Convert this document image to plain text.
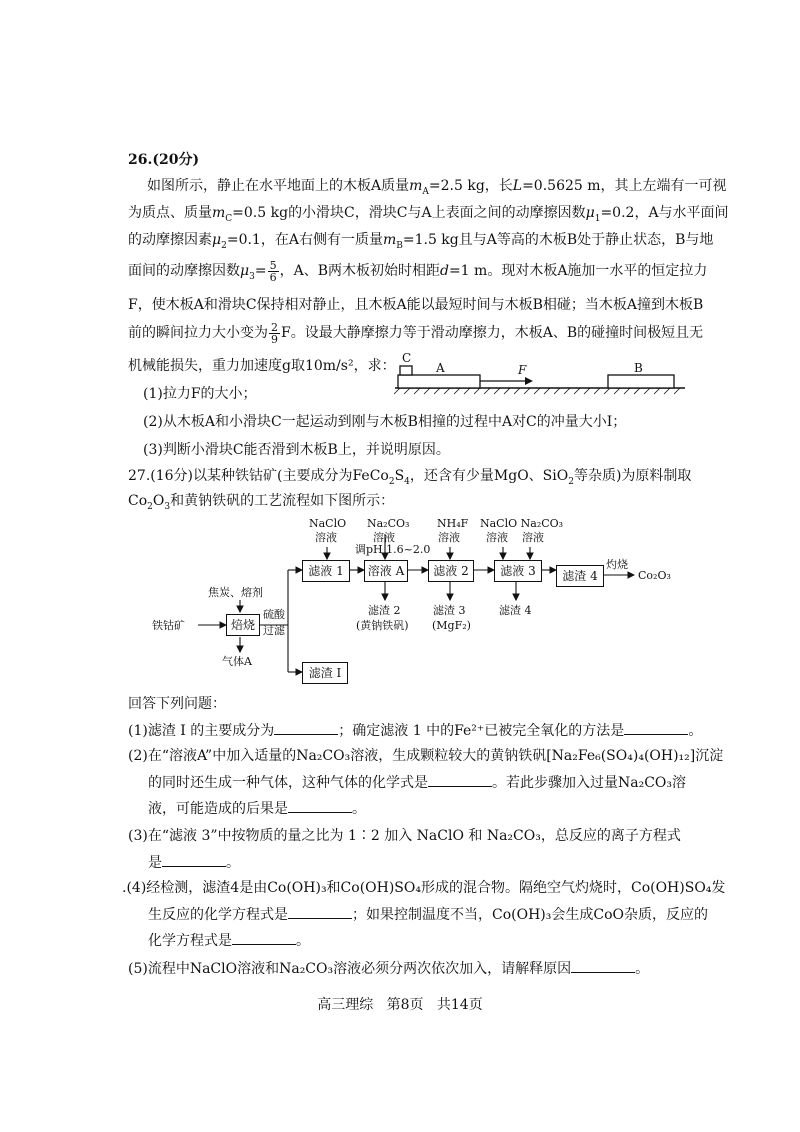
26.(20分)
如图所示，静止在水平地面上的木板A质量$m_A=2.5$ kg，长L=0.5625 m，其上左端有一可视
为质点、质量$m_C=0.5$ kg的小滑块C，滑块C与A上表面之间的动摩擦因数$\mu_1=0.2$，A与水平面间
的动摩擦因素$\mu_2=0.1$，在A右侧有一质量$m_B=1.5$ kg且与A等高的木板B处于静止状态，B与地
面间的动摩擦因数$\mu_3= \frac{5}{6}$ ，A、B两木板初始时相距d=1 m。现对木板A施加一水平的恒定拉力
F，使木板A和滑块C保持相对静止，且木板A能以最短时间与木板B相碰；当木板A撞到木板B
前的瞬间拉力大小变为 $\frac{2}{9}$ F。设最大静摩擦力等于滑动摩擦力，木板A、B的碰撞时间极短且无
机械能损失，重力加速度g取10m/s²，求： C
A	F	B
(1)拉力F的大小；
(2)从木板A和小滑块C一起运动到刚与木板B相撞的过程中A对C的冲量大小I；
(3)判断小滑块C能否滑到木板B上，并说明原因。
27.(16分)以某种铁钴矿(主要成分为$FeCo_2S_4$，还含有少量MgO、SiO$_2$等杂质)为原料制取
$Co_2O_3$和黄钠铁矾的工艺流程如下图所示：
焙烧
滤液 1
滤渣 I
溶液 A	滤液 2	滤液 3	滤渣 4
铁钴矿
焦炭、熔剂
气体A
硫酸
过滤
NaClO
溶液
Na₂CO₃
溶液
调pH 1.6~2.0
滤渣 2
(黄钠铁矾)
NH₄F
溶液
滤渣 3
(MgF₂)
NaClO Na₂CO₃
溶液    溶液
滤渣 4
灼烧
Co₂O₃
回答下列问题：
(1)滤渣 I 的主要成分为	；确定滤液 1 中的Fe²⁺已被完全氧化的方法是	。
(2)在“溶液A”中加入适量的Na₂CO₃溶液，生成颗粒较大的黄钠铁矾[Na₂Fe₆(SO₄)₄(OH)₁₂]沉淀
的同时还生成一种气体，这种气体的化学式是	。若此步骤加入过量Na₂CO₃溶
液，可能造成的后果是	。
(3)在“滤液 3”中按物质的量之比为 1∶2 加入 NaClO 和 Na₂CO₃，总反应的离子方程式
是	。
.(4)经检测，滤渣4是由Co(OH)₃和Co(OH)SO₄形成的混合物。隔绝空气灼烧时，Co(OH)SO₄发
生反应的化学方程式是	；如果控制温度不当，Co(OH)₃会生成CoO杂质，反应的
化学方程式是	。
(5)流程中NaClO溶液和Na₂CO₃溶液必须分两次依次加入，请解释原因	。
高三理综   第8页   共14页
